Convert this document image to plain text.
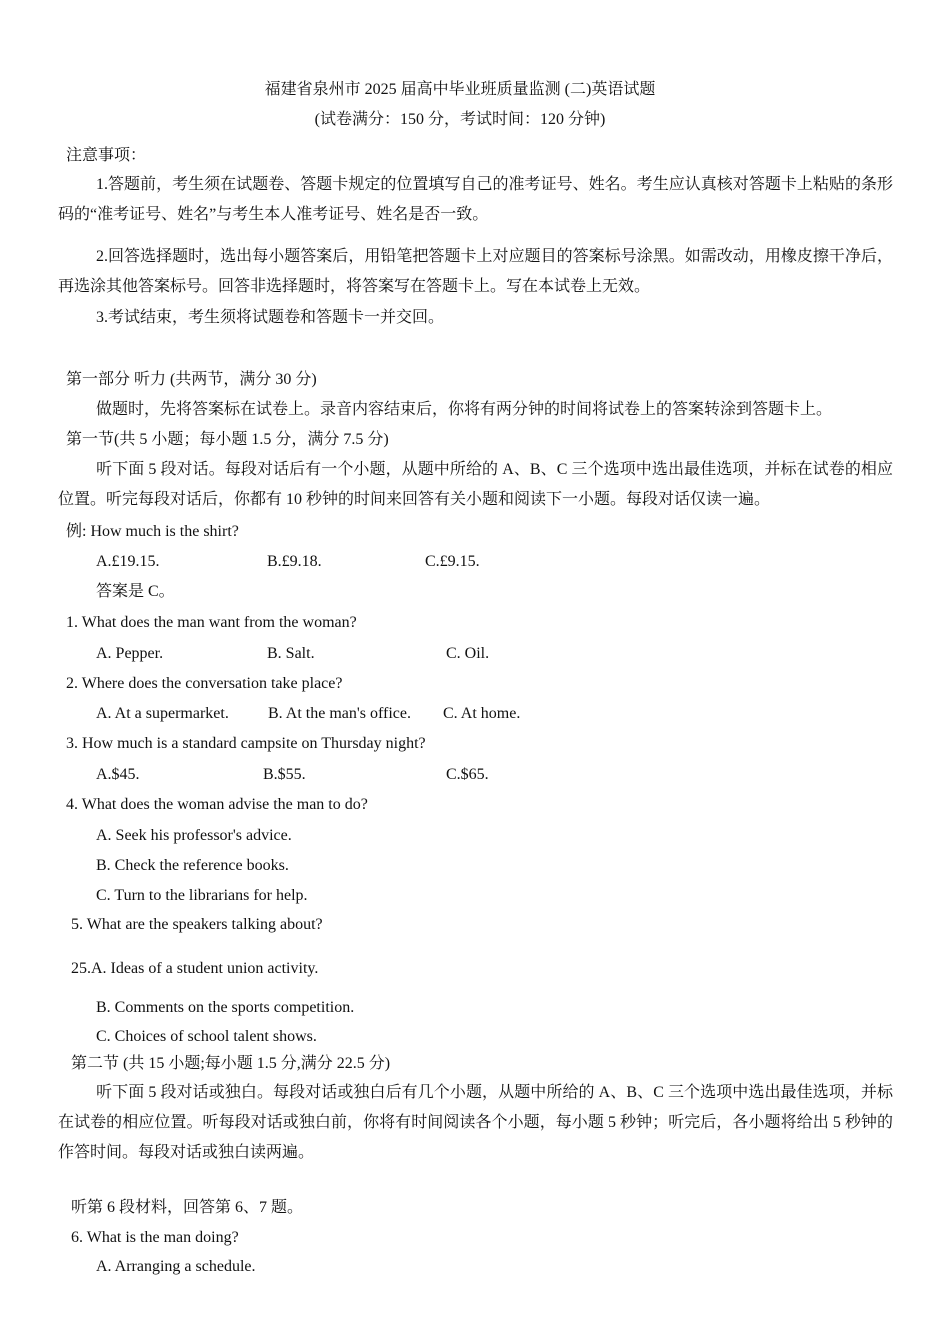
福建省泉州市 2025 届高中毕业班质量监测 (二)英语试题
(试卷满分：150 分，考试时间：120 分钟)
注意事项：
1.答题前，考生须在试题卷、答题卡规定的位置填写自己的准考证号、姓名。考生应认真核对答题卡上粘贴的条形码的“准考证号、姓名”与考生本人准考证号、姓名是否一致。
2.回答选择题时，选出每小题答案后，用铅笔把答题卡上对应题目的答案标号涂黑。如需改动，用橡皮擦干净后，再选涂其他答案标号。回答非选择题时，将答案写在答题卡上。写在本试卷上无效。
3.考试结束，考生须将试题卷和答题卡一并交回。
第一部分 听力 (共两节，满分 30 分)
做题时，先将答案标在试卷上。录音内容结束后，你将有两分钟的时间将试卷上的答案转涂到答题卡上。
第一节(共 5 小题；每小题 1.5 分，满分 7.5 分)
听下面 5 段对话。每段对话后有一个小题，从题中所给的 A、B、C 三个选项中选出最佳选项，并标在试卷的相应位置。听完每段对话后，你都有 10 秒钟的时间来回答有关小题和阅读下一小题。每段对话仅读一遍。
例: How much is the shirt?
A.£19.15.	B.£9.18.	C.£9.15.
答案是 C。
1. What does the man want from the woman?
A. Pepper.	B. Salt.	C. Oil.
2. Where does the conversation take place?
A. At a supermarket. B. At the man's office. C. At home.
3. How much is a standard campsite on Thursday night?
A.$45.	B.$55.	C.$65.
4. What does the woman advise the man to do?
A. Seek his professor's advice.
B. Check the reference books.
C. Turn to the librarians for help.
5. What are the speakers talking about?
25.A. Ideas of a student union activity.
B. Comments on the sports competition.
C. Choices of school talent shows.
第二节 (共 15 小题;每小题 1.5 分,满分 22.5 分)
听下面 5 段对话或独白。每段对话或独白后有几个小题，从题中所给的 A、B、C 三个选项中选出最佳选项，并标在试卷的相应位置。听每段对话或独白前，你将有时间阅读各个小题，每小题 5 秒钟；听完后，各小题将给出 5 秒钟的作答时间。每段对话或独白读两遍。
听第 6 段材料，回答第 6、7 题。
6. What is the man doing?
A. Arranging a schedule.
